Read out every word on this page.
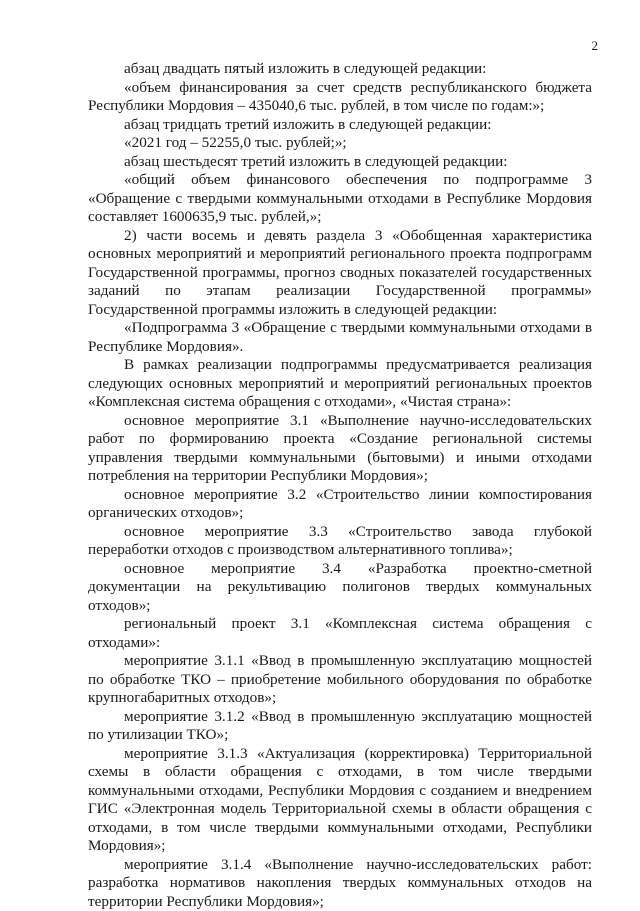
2

абзац двадцать пятый изложить в следующей редакции:

«объем финансирования за счет средств республиканского бюджета Республики Мордовия – 435040,6 тыс. рублей, в том числе по годам:»;

абзац тридцать третий изложить в следующей редакции:

«2021 год – 52255,0 тыс. рублей;»;

абзац шестьдесят третий изложить в следующей редакции:

«общий объем финансового обеспечения по подпрограмме 3 «Обращение с твердыми коммунальными отходами в Республике Мордовия составляет 1600635,9 тыс. рублей,»;

2) части восемь и девять раздела 3 «Обобщенная характеристика основных мероприятий и мероприятий регионального проекта подпрограмм Государственной программы, прогноз сводных показателей государственных заданий по этапам реализации Государственной программы» Государственной программы изложить в следующей редакции:

«Подпрограмма 3 «Обращение с твердыми коммунальными отходами в Республике Мордовия».

В рамках реализации подпрограммы предусматривается реализация следующих основных мероприятий и мероприятий региональных проектов «Комплексная система обращения с отходами», «Чистая страна»:

основное мероприятие 3.1 «Выполнение научно-исследовательских работ по формированию проекта «Создание региональной системы управления твердыми коммунальными (бытовыми) и иными отходами потребления на территории Республики Мордовия»;

основное мероприятие 3.2 «Строительство линии компостирования органических отходов»;

основное мероприятие 3.3 «Строительство завода глубокой переработки отходов с производством альтернативного топлива»;

основное мероприятие 3.4 «Разработка проектно-сметной документации на рекультивацию полигонов твердых коммунальных отходов»;

региональный проект 3.1 «Комплексная система обращения с отходами»:

мероприятие 3.1.1 «Ввод в промышленную эксплуатацию мощностей по обработке ТКО – приобретение мобильного оборудования по обработке крупногабаритных отходов»;

мероприятие 3.1.2 «Ввод в промышленную эксплуатацию мощностей по утилизации ТКО»;

мероприятие 3.1.3 «Актуализация (корректировка) Территориальной схемы в области обращения с отходами, в том числе твердыми коммунальными отходами, Республики Мордовия с созданием и внедрением ГИС «Электронная модель Территориальной схемы в области обращения с отходами, в том числе твердыми коммунальными отходами, Республики Мордовия»;

мероприятие 3.1.4 «Выполнение научно-исследовательских работ: разработка нормативов накопления твердых коммунальных отходов на территории Республики Мордовия»;
